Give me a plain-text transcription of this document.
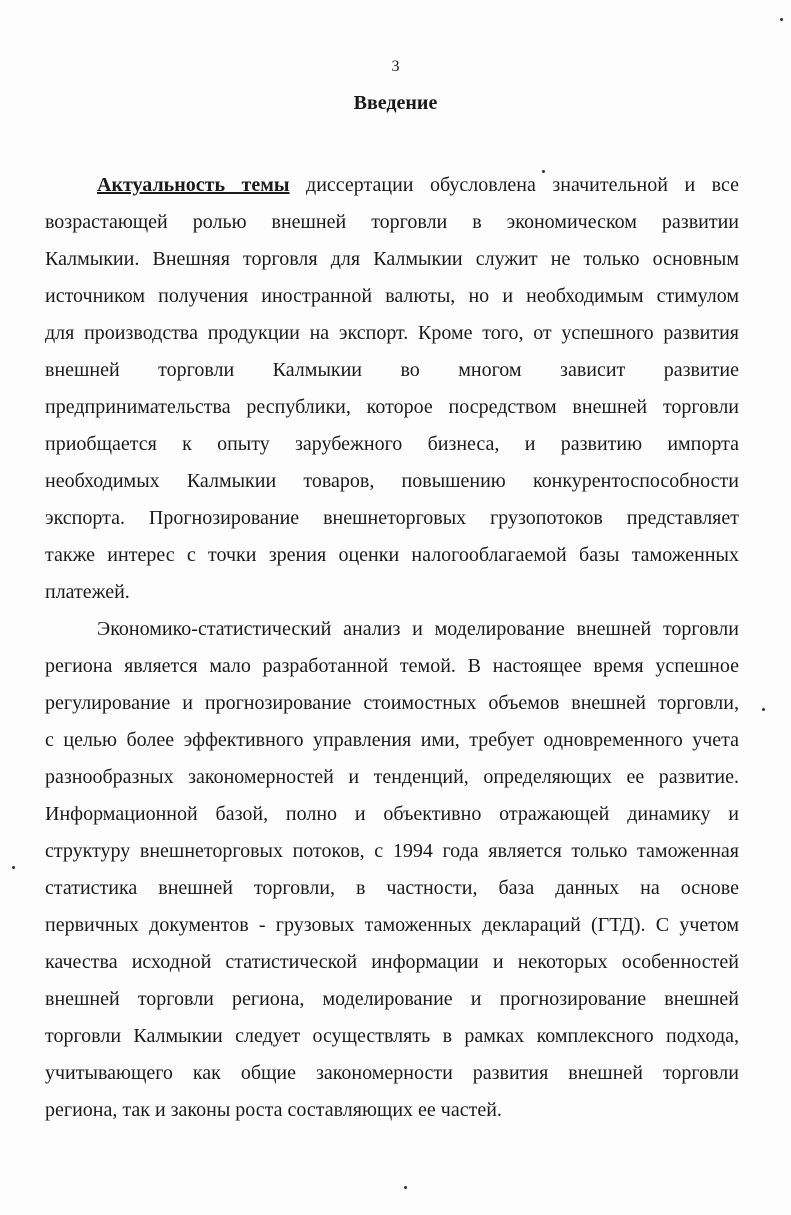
3
Введение
Актуальность темы диссертации обусловлена значительной и все
возрастающей ролью внешней торговли в экономическом развитии
Калмыкии. Внешняя торговля для Калмыкии служит не только основным
источником получения иностранной валюты, но и необходимым стимулом
для производства продукции на экспорт. Кроме того, от успешного развития
внешней торговли Калмыкии во многом зависит развитие
предпринимательства республики, которое посредством внешней торговли
приобщается к опыту зарубежного бизнеса, и развитию импорта
необходимых Калмыкии товаров, повышению конкурентоспособности
экспорта. Прогнозирование внешнеторговых грузопотоков представляет
также интерес с точки зрения оценки налогооблагаемой базы таможенных
платежей.
Экономико-статистический анализ и моделирование внешней торговли
региона является мало разработанной темой. В настоящее время успешное
регулирование и прогнозирование стоимостных объемов внешней торговли,
с целью более эффективного управления ими, требует одновременного учета
разнообразных закономерностей и тенденций, определяющих ее развитие.
Информационной базой, полно и объективно отражающей динамику и
структуру внешнеторговых потоков, с 1994 года является только таможенная
статистика внешней торговли, в частности, база данных на основе
первичных документов - грузовых таможенных деклараций (ГТД). С учетом
качества исходной статистической информации и некоторых особенностей
внешней торговли региона, моделирование и прогнозирование внешней
торговли Калмыкии следует осуществлять в рамках комплексного подхода,
учитывающего как общие закономерности развития внешней торговли
региона, так и законы роста составляющих ее частей.
